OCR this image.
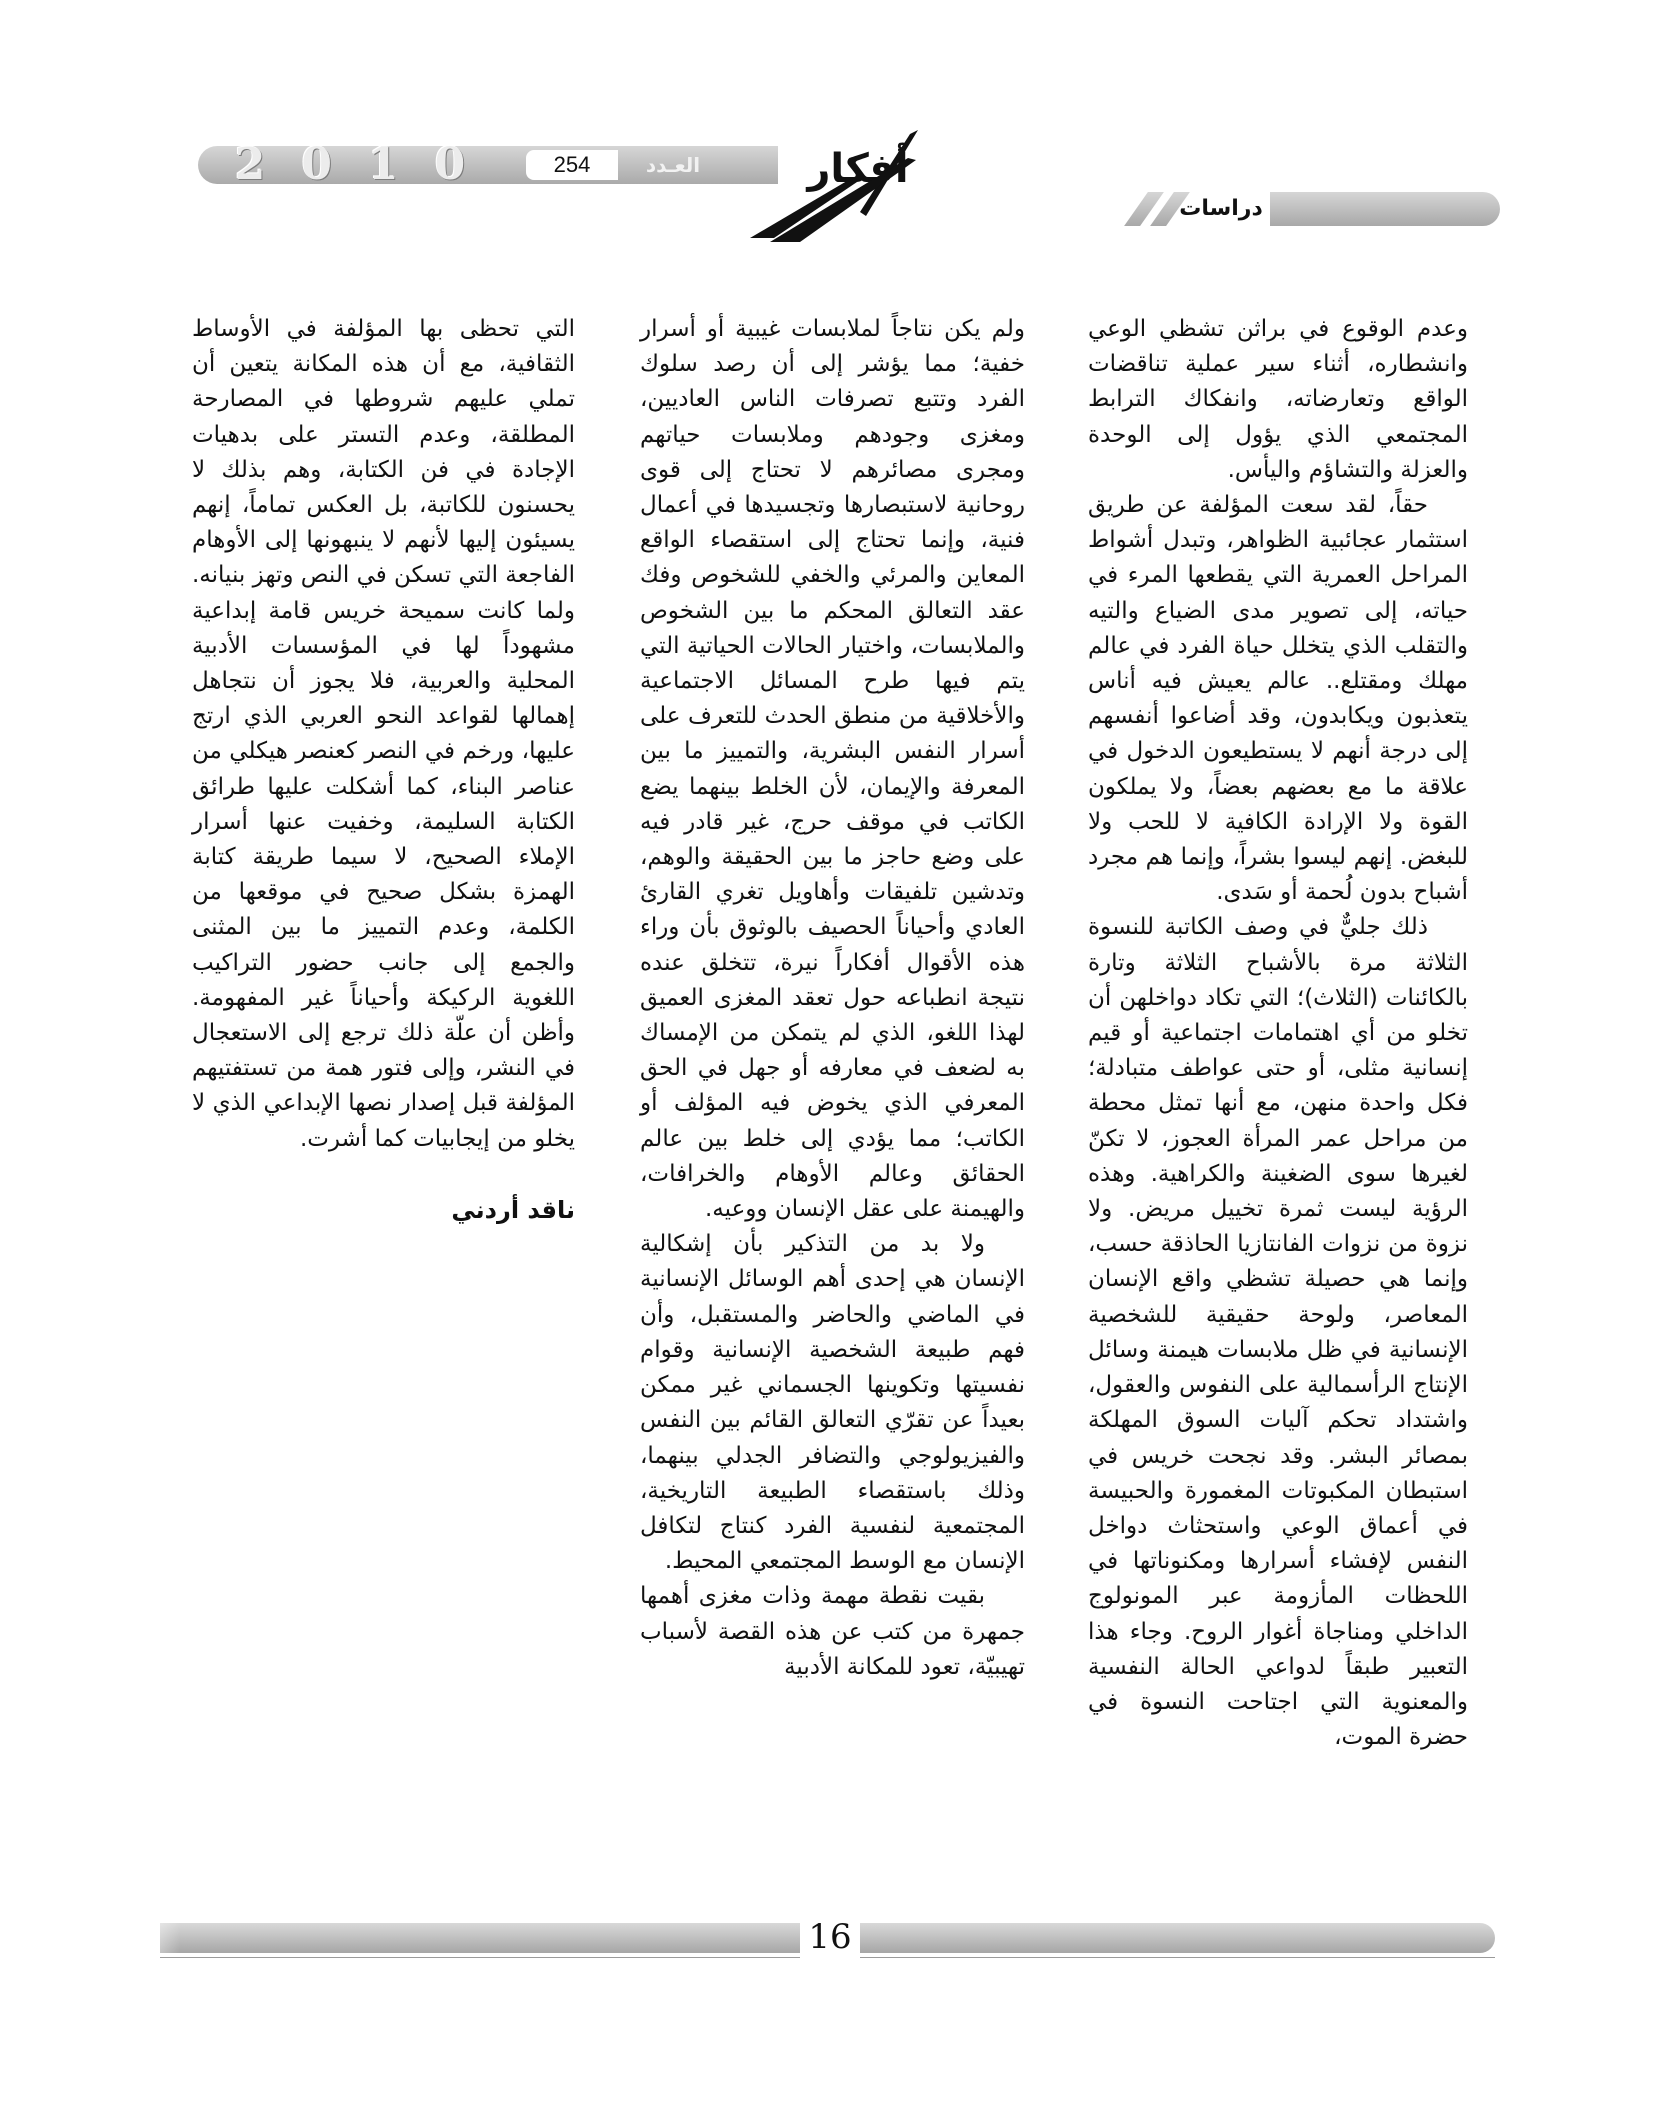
2 0 1 0	254	العـدد	أفكار
دراسات

وعدم الوقوع في براثن تشظي الوعي وانشطاره، أثناء سير عملية تناقضات الواقع وتعارضاته، وانفكاك الترابط المجتمعي الذي يؤول إلى الوحدة والعزلة والتشاؤم واليأس.

حقاً، لقد سعت المؤلفة عن طريق استثمار عجائبية الظواهر، وتبدل أشواط المراحل العمرية التي يقطعها المرء في حياته، إلى تصوير مدى الضياع والتيه والتقلب الذي يتخلل حياة الفرد في عالم مهلك ومقتلع.. عالم يعيش فيه أناس يتعذبون ويكابدون، وقد أضاعوا أنفسهم إلى درجة أنهم لا يستطيعون الدخول في علاقة ما مع بعضهم بعضاً، ولا يملكون القوة ولا الإرادة الكافية لا للحب ولا للبغض. إنهم ليسوا بشراً، وإنما هم مجرد أشباح بدون لُحمة أو سَدى.

ذلك جليٌّ في وصف الكاتبة للنسوة الثلاثة مرة بالأشباح الثلاثة وتارة بالكائنات (الثلاث)؛ التي تكاد دواخلهن أن تخلو من أي اهتمامات اجتماعية أو قيم إنسانية مثلى، أو حتى عواطف متبادلة؛ فكل واحدة منهن، مع أنها تمثل محطة من مراحل عمر المرأة العجوز، لا تكنّ لغيرها سوى الضغينة والكراهية. وهذه الرؤية ليست ثمرة تخييل مريض. ولا نزوة من نزوات الفانتازيا الحاذقة حسب، وإنما هي حصيلة تشظي واقع الإنسان المعاصر، ولوحة حقيقية للشخصية الإنسانية في ظل ملابسات هيمنة وسائل الإنتاج الرأسمالية على النفوس والعقول، واشتداد تحكم آليات السوق المهلكة بمصائر البشر. وقد نجحت خريس في استبطان المكبوتات المغمورة والحبيسة في أعماق الوعي واستحثاث دواخل النفس لإفشاء أسرارها ومكنوناتها في اللحظات المأزومة عبر المونولوج الداخلي ومناجاة أغوار الروح. وجاء هذا التعبير طبقاً لدواعي الحالة النفسية والمعنوية التي اجتاحت النسوة في حضرة الموت،

ولم يكن نتاجاً لملابسات غيبية أو أسرار خفية؛ مما يؤشر إلى أن رصد سلوك الفرد وتتبع تصرفات الناس العاديين، ومغزى وجودهم وملابسات حياتهم ومجرى مصائرهم لا تحتاج إلى قوى روحانية لاستبصارها وتجسيدها في أعمال فنية، وإنما تحتاج إلى استقصاء الواقع المعاين والمرئي والخفي للشخوص وفك عقد التعالق المحكم ما بين الشخوص والملابسات، واختيار الحالات الحياتية التي يتم فيها طرح المسائل الاجتماعية والأخلاقية من منطق الحدث للتعرف على أسرار النفس البشرية، والتمييز ما بين المعرفة والإيمان، لأن الخلط بينهما يضع الكاتب في موقف حرج، غير قادر فيه على وضع حاجز ما بين الحقيقة والوهم، وتدشين تلفيقات وأهاويل تغري القارئ العادي وأحياناً الحصيف بالوثوق بأن وراء هذه الأقوال أفكاراً نيرة، تتخلق عنده نتيجة انطباعه حول تعقد المغزى العميق لهذا اللغو، الذي لم يتمكن من الإمساك به لضعف في معارفه أو جهل في الحق المعرفي الذي يخوض فيه المؤلف أو الكاتب؛ مما يؤدي إلى خلط بين عالم الحقائق وعالم الأوهام والخرافات، والهيمنة على عقل الإنسان ووعيه.

ولا بد من التذكير بأن إشكالية الإنسان هي إحدى أهم الوسائل الإنسانية في الماضي والحاضر والمستقبل، وأن فهم طبيعة الشخصية الإنسانية وقوام نفسيتها وتكوينها الجسماني غير ممكن بعيداً عن تقرّي التعالق القائم بين النفس والفيزيولوجي والتضافر الجدلي بينهما، وذلك باستقصاء الطبيعة التاريخية، المجتمعية لنفسية الفرد كنتاج لتكافل الإنسان مع الوسط المجتمعي المحيط.

بقيت نقطة مهمة وذات مغزى أهمها جمهرة من كتب عن هذه القصة لأسباب تهيبيّة، تعود للمكانة الأدبية

التي تحظى بها المؤلفة في الأوساط الثقافية، مع أن هذه المكانة يتعين أن تملي عليهم شروطها في المصارحة المطلقة، وعدم التستر على بدهيات الإجادة في فن الكتابة، وهم بذلك لا يحسنون للكاتبة، بل العكس تماماً، إنهم يسيئون إليها لأنهم لا ينبهونها إلى الأوهام الفاجعة التي تسكن في النص وتهز بنيانه. ولما كانت سميحة خريس قامة إبداعية مشهوداً لها في المؤسسات الأدبية المحلية والعربية، فلا يجوز أن نتجاهل إهمالها لقواعد النحو العربي الذي ارتج عليها، ورخم في النصر كعنصر هيكلي من عناصر البناء، كما أشكلت عليها طرائق الكتابة السليمة، وخفيت عنها أسرار الإملاء الصحيح، لا سيما طريقة كتابة الهمزة بشكل صحيح في موقعها من الكلمة، وعدم التمييز ما بين المثنى والجمع إلى جانب حضور التراكيب اللغوية الركيكة وأحياناً غير المفهومة. وأظن أن علّة ذلك ترجع إلى الاستعجال في النشر، وإلى فتور همة من تستفتيهم المؤلفة قبل إصدار نصها الإبداعي الذي لا يخلو من إيجابيات كما أشرت.

ناقد أردني

16
